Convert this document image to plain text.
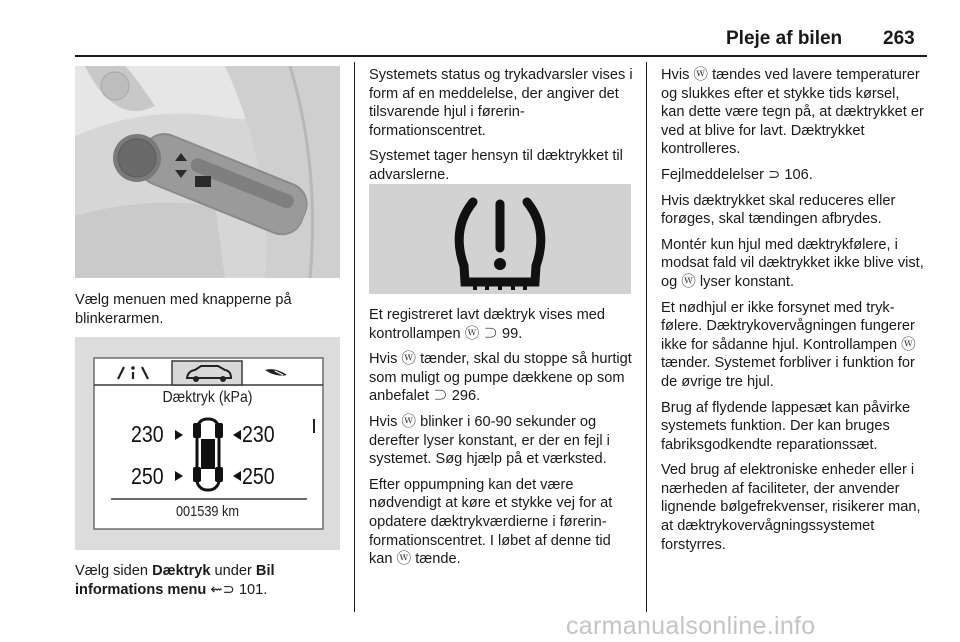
Pleje af bilen 263

Vælg menuen med knapperne på blinkerarmen.

Dæktryk (kPa)
230	230
250	250
001539 km

Vælg siden Dæktryk under Bil informations menu ⇜⊃ 101.

Systemets status og trykadvarsler vises i form af en meddelelse, der angiver det tilsvarende hjul i førerinformationscentret.

Systemet tager hensyn til dæktrykket til advarslerne.

Et registreret lavt dæktryk vises med kontrollampen ⓦ ⊃ 99.

Hvis ⓦ tænder, skal du stoppe så hurtigt som muligt og pumpe dækkene op som anbefalet ⊃ 296.

Hvis ⓦ blinker i 60-90 sekunder og derefter lyser konstant, er der en fejl i systemet. Søg hjælp på et værksted.

Efter oppumpning kan det være nødvendigt at køre et stykke vej for at opdatere dæktrykværdierne i førerinformationscentret. I løbet af denne tid kan ⓦ tænde.

Hvis ⓦ tændes ved lavere temperaturer og slukkes efter et stykke tids kørsel, kan dette være tegn på, at dæktrykket er ved at blive for lavt. Dæktrykket kontrolleres.

Fejlmeddelelser ⊃ 106.

Hvis dæktrykket skal reduceres eller forøges, skal tændingen afbrydes.

Montér kun hjul med dæktrykfølere, i modsat fald vil dæktrykket ikke blive vist, og ⓦ lyser konstant.

Et nødhjul er ikke forsynet med trykfølere. Dæktrykovervågningen fungerer ikke for sådanne hjul. Kontrollampen ⓦ tænder. Systemet forbliver i funktion for de øvrige tre hjul.

Brug af flydende lappesæt kan påvirke systemets funktion. Der kan bruges fabriksgodkendte reparationssæt.

Ved brug af elektroniske enheder eller i nærheden af faciliteter, der anvender lignende bølgefrekvenser, risikerer man, at dæktrykovervågningssystemet forstyrres.

carmanualsonline.info
